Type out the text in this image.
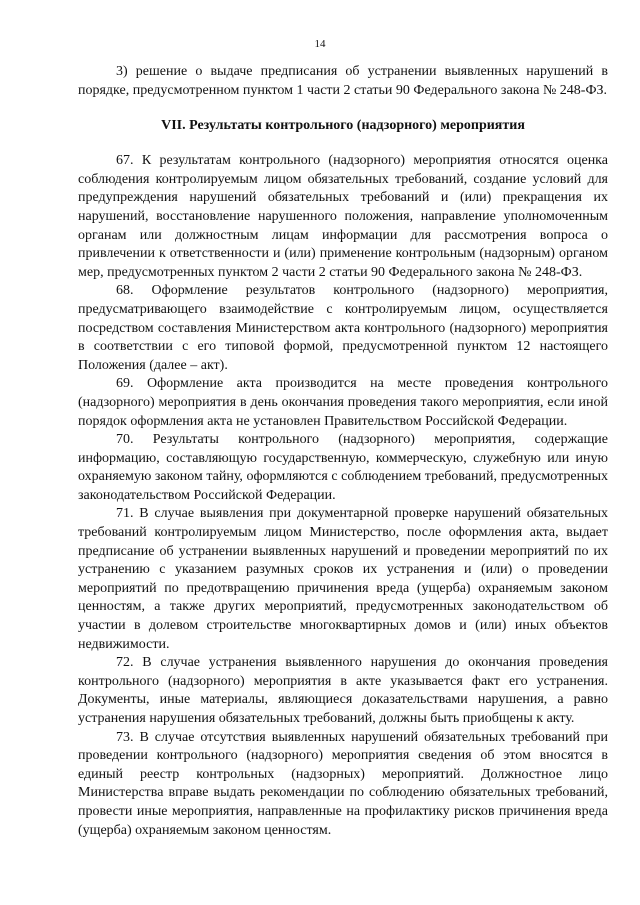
14

3) решение о выдаче предписания об устранении выявленных нарушений в порядке, предусмотренном пунктом 1 части 2 статьи 90 Федерального закона № 248-ФЗ.

VII. Результаты контрольного (надзорного) мероприятия

67. К результатам контрольного (надзорного) мероприятия относятся оценка соблюдения контролируемым лицом обязательных требований, создание условий для предупреждения нарушений обязательных требований и (или) прекращения их нарушений, восстановление нарушенного положения, направление уполномоченным органам или должностным лицам информации для рассмотрения вопроса о привлечении к ответственности и (или) применение контрольным (надзорным) органом мер, предусмотренных пунктом 2 части 2 статьи 90 Федерального закона № 248-ФЗ.

68. Оформление результатов контрольного (надзорного) мероприятия, предусматривающего взаимодействие с контролируемым лицом, осуществляется посредством составления Министерством акта контрольного (надзорного) мероприятия в соответствии с его типовой формой, предусмотренной пунктом 12 настоящего Положения (далее – акт).

69. Оформление акта производится на месте проведения контрольного (надзорного) мероприятия в день окончания проведения такого мероприятия, если иной порядок оформления акта не установлен Правительством Российской Федерации.

70. Результаты контрольного (надзорного) мероприятия, содержащие информацию, составляющую государственную, коммерческую, служебную или иную охраняемую законом тайну, оформляются с соблюдением требований, предусмотренных законодательством Российской Федерации.

71. В случае выявления при документарной проверке нарушений обязательных требований контролируемым лицом Министерство, после оформления акта, выдает предписание об устранении выявленных нарушений и проведении мероприятий по их устранению с указанием разумных сроков их устранения и (или) о проведении мероприятий по предотвращению причинения вреда (ущерба) охраняемым законом ценностям, а также других мероприятий, предусмотренных законодательством об участии в долевом строительстве многоквартирных домов и (или) иных объектов недвижимости.

72. В случае устранения выявленного нарушения до окончания проведения контрольного (надзорного) мероприятия в акте указывается факт его устранения. Документы, иные материалы, являющиеся доказательствами нарушения, а равно устранения нарушения обязательных требований, должны быть приобщены к акту.

73. В случае отсутствия выявленных нарушений обязательных требований при проведении контрольного (надзорного) мероприятия сведения об этом вносятся в единый реестр контрольных (надзорных) мероприятий. Должностное лицо Министерства вправе выдать рекомендации по соблюдению обязательных требований, провести иные мероприятия, направленные на профилактику рисков причинения вреда (ущерба) охраняемым законом ценностям.
